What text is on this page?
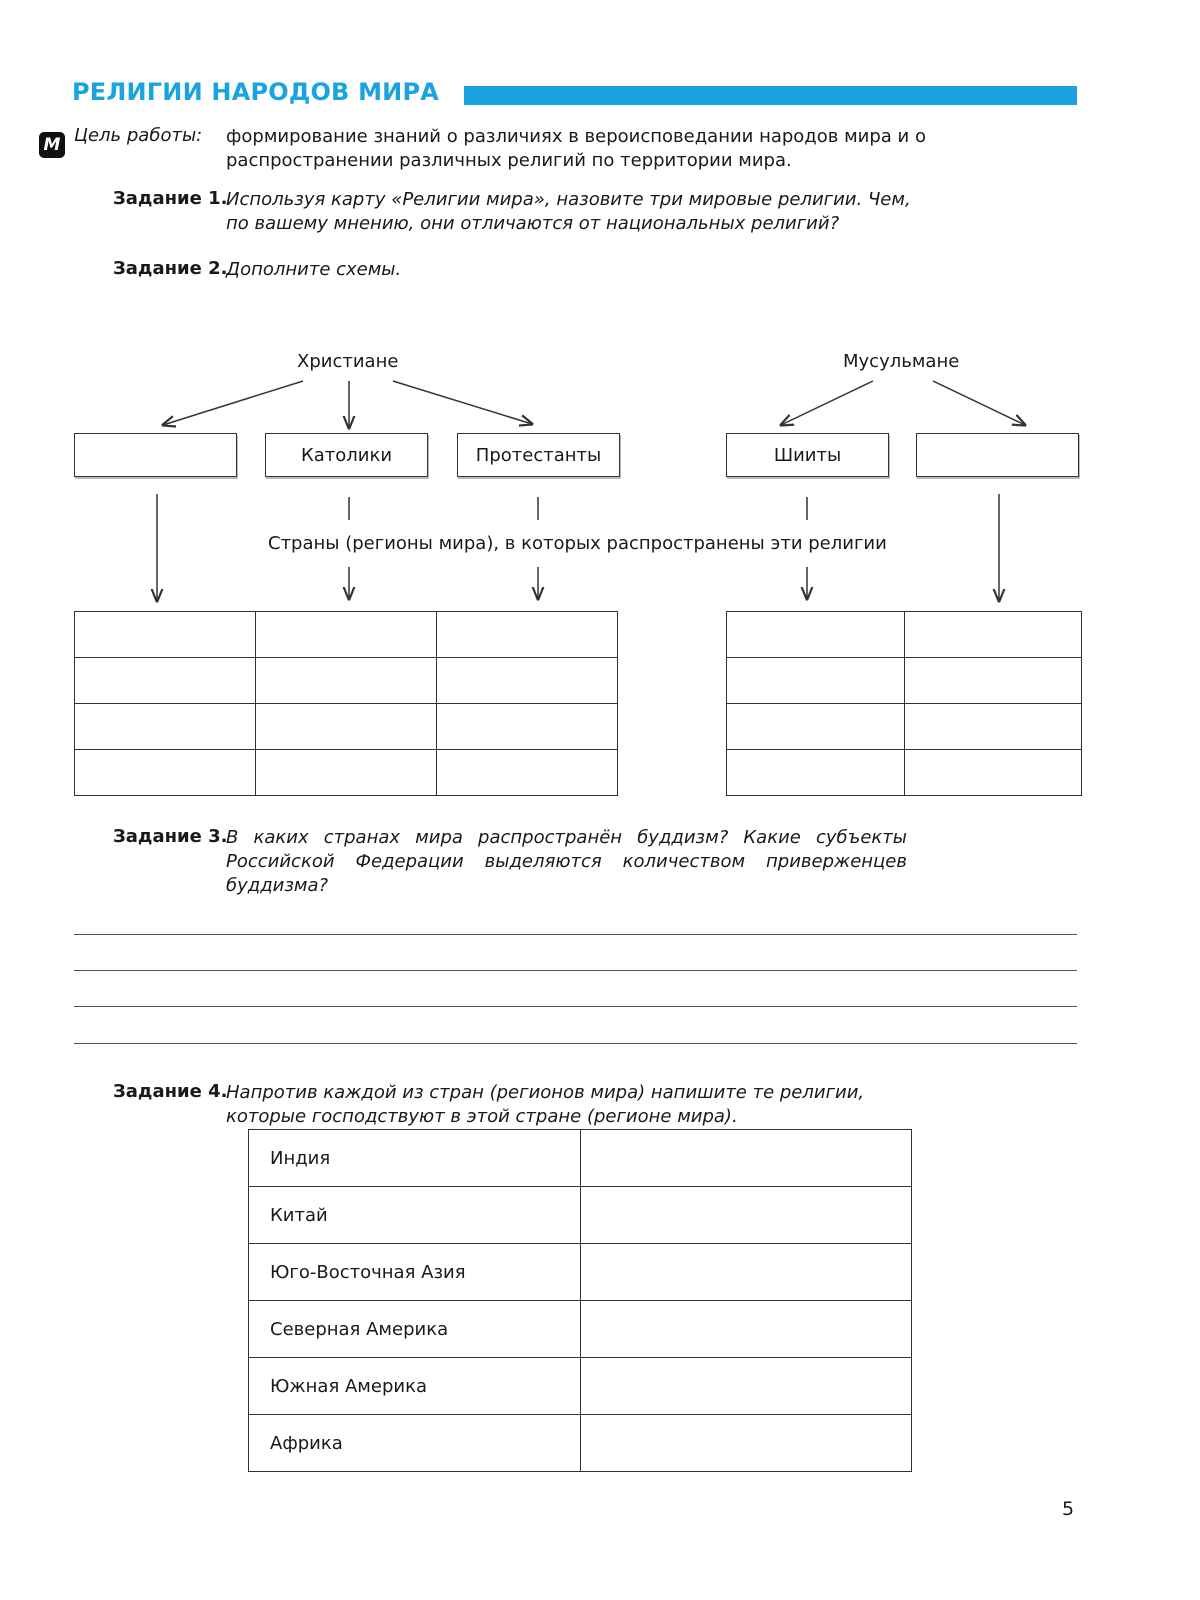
РЕЛИГИИ НАРОДОВ МИРА
М Цель работы: формирование знаний о различиях в вероисповедании народов мира и о распространении различных религий по территории мира.
Задание 1.
Используя карту «Религии мира», назовите три мировые религии. Чем, по вашему мнению, они отличаются от национальных религий?
Задание 2.
Дополните схемы.
Христиане	Мусульмане
Католики	Протестанты	Шииты
Страны (регионы мира), в которых распространены эти религии

Задание 3.
В каких странах мира распространён буддизм? Какие субъекты Российской Федерации выделяются количеством приверженцев буддизма?
Задание 4.
Напротив каждой из стран (регионов мира) напишите те религии, которые господствуют в этой стране (регионе мира).
Индия	
Китай	
Юго-Восточная Азия	
Северная Америка	
Южная Америка	
Африка	
5
